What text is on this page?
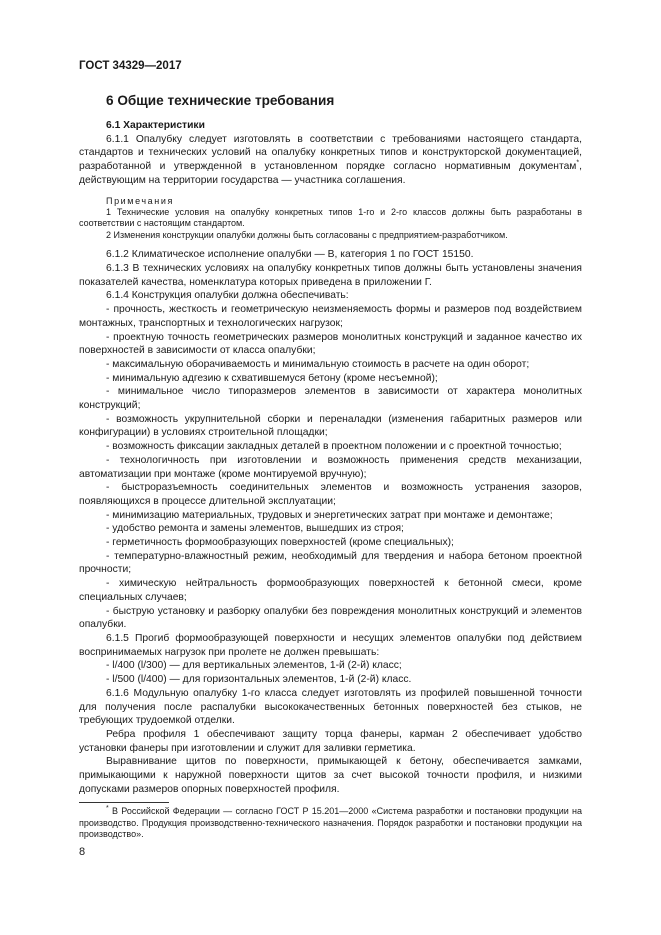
ГОСТ 34329—2017
6 Общие технические требования

6.1 Характеристики

6.1.1 Опалубку следует изготовлять в соответствии с требованиями настоящего стандарта, стандартов и технических условий на опалубку конкретных типов и конструкторской документацией, разработанной и утвержденной в установленном порядке согласно нормативным документам*, действующим на территории государства — участника соглашения.

Примечания

1 Технические условия на опалубку конкретных типов 1-го и 2-го классов должны быть разработаны в соответствии с настоящим стандартом.

2 Изменения конструкции опалубки должны быть согласованы с предприятием-разработчиком.

6.1.2 Климатическое исполнение опалубки — В, категория 1 по ГОСТ 15150.

6.1.3 В технических условиях на опалубку конкретных типов должны быть установлены значения показателей качества, номенклатура которых приведена в приложении Г.

6.1.4 Конструкция опалубки должна обеспечивать:

- прочность, жесткость и геометрическую неизменяемость формы и размеров под воздействием монтажных, транспортных и технологических нагрузок;

- проектную точность геометрических размеров монолитных конструкций и заданное качество их поверхностей в зависимости от класса опалубки;

- максимальную оборачиваемость и минимальную стоимость в расчете на один оборот;

- минимальную адгезию к схватившемуся бетону (кроме несъемной);

- минимальное число типоразмеров элементов в зависимости от характера монолитных конструкций;

- возможность укрупнительной сборки и переналадки (изменения габаритных размеров или конфигурации) в условиях строительной площадки;

- возможность фиксации закладных деталей в проектном положении и с проектной точностью;

- технологичность при изготовлении и возможность применения средств механизации, автоматизации при монтаже (кроме монтируемой вручную);

- быстроразъемность соединительных элементов и возможность устранения зазоров, появляющихся в процессе длительной эксплуатации;

- минимизацию материальных, трудовых и энергетических затрат при монтаже и демонтаже;

- удобство ремонта и замены элементов, вышедших из строя;

- герметичность формообразующих поверхностей (кроме специальных);

- температурно-влажностный режим, необходимый для твердения и набора бетоном проектной прочности;

- химическую нейтральность формообразующих поверхностей к бетонной смеси, кроме специальных случаев;

- быструю установку и разборку опалубки без повреждения монолитных конструкций и элементов опалубки.

6.1.5 Прогиб формообразующей поверхности и несущих элементов опалубки под действием воспринимаемых нагрузок при пролете не должен превышать:

- l/400 (l/300) — для вертикальных элементов, 1-й (2-й) класс;

- l/500 (l/400) — для горизонтальных элементов, 1-й (2-й) класс.

6.1.6 Модульную опалубку 1-го класса следует изготовлять из профилей повышенной точности для получения после распалубки высококачественных бетонных поверхностей без стыков, не требующих трудоемкой отделки.

Ребра профиля 1 обеспечивают защиту торца фанеры, карман 2 обеспечивает удобство установки фанеры при изготовлении и служит для заливки герметика.

Выравнивание щитов по поверхности, примыкающей к бетону, обеспечивается замками, примыкающими к наружной поверхности щитов за счет высокой точности профиля, и низкими допусками размеров опорных поверхностей профиля.

* В Российской Федерации — согласно ГОСТ Р 15.201—2000 «Система разработки и постановки продукции на производство. Продукция производственно-технического назначения. Порядок разработки и постановки продукции на производство».

8
